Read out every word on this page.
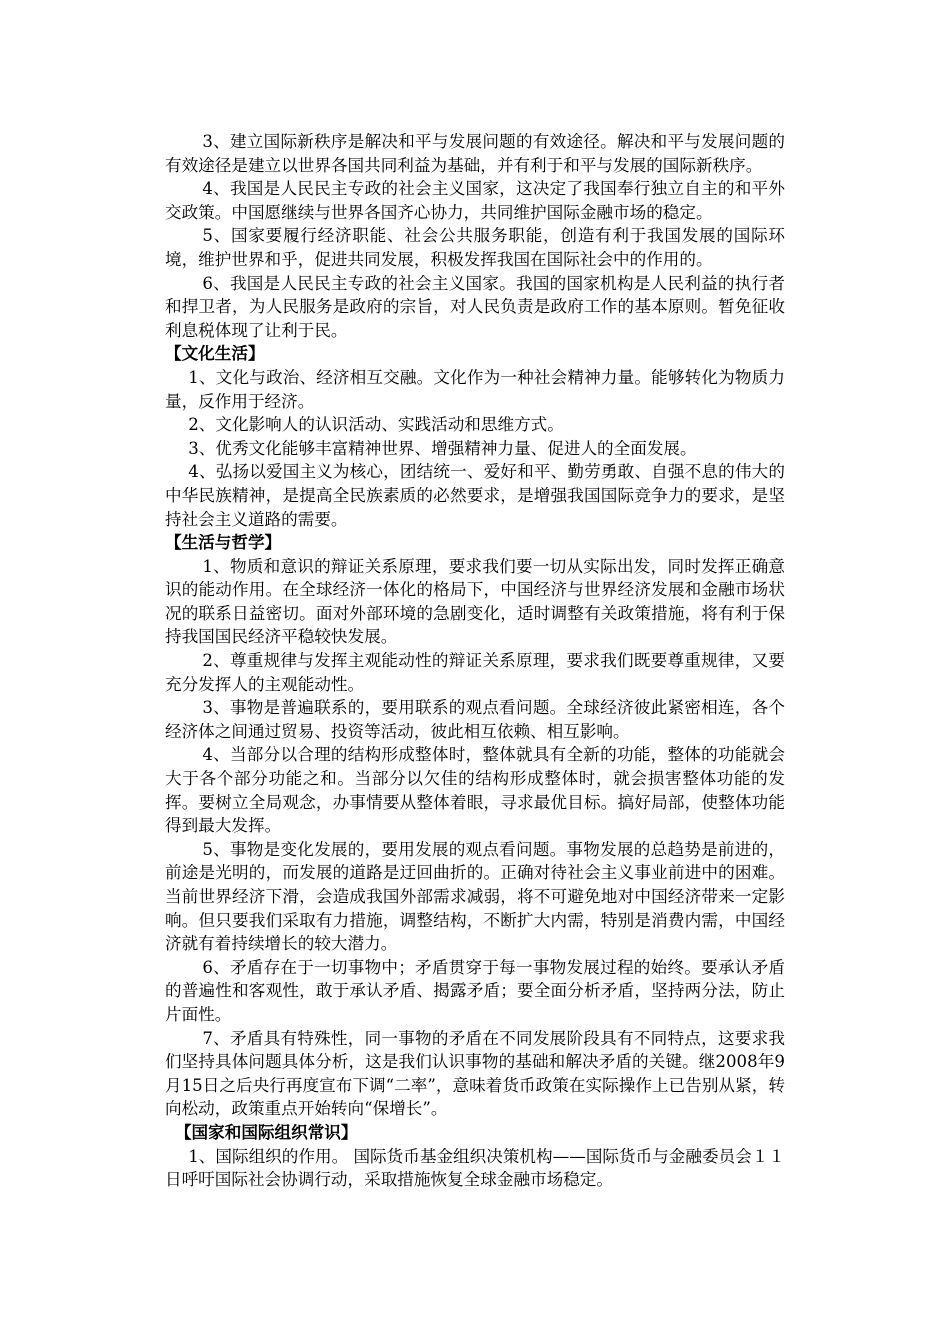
3、建立国际新秩序是解决和平与发展问题的有效途径。解决和平与发展问题的有效途径是建立以世界各国共同利益为基础，并有利于和平与发展的国际新秩序。

4、我国是人民民主专政的社会主义国家，这决定了我国奉行独立自主的和平外交政策。中国愿继续与世界各国齐心协力，共同维护国际金融市场的稳定。

5、国家要履行经济职能、社会公共服务职能，创造有利于我国发展的国际环境，维护世界和乎，促进共同发展，积极发挥我国在国际社会中的作用的。

6、我国是人民民主专政的社会主义国家。我国的国家机构是人民利益的执行者和捍卫者，为人民服务是政府的宗旨，对人民负责是政府工作的基本原则。暂免征收利息税体现了让利于民。

【文化生活】

1、文化与政治、经济相互交融。文化作为一种社会精神力量。能够转化为物质力量，反作用于经济。

2、文化影响人的认识活动、实践活动和思维方式。

3、优秀文化能够丰富精神世界、增强精神力量、促进人的全面发展。

4、弘扬以爱国主义为核心，团结统一、爱好和平、勤劳勇敢、自强不息的伟大的中华民族精神，是提高全民族素质的必然要求，是增强我国国际竞争力的要求，是坚持社会主义道路的需要。

【生活与哲学】

1、物质和意识的辩证关系原理，要求我们要一切从实际出发，同时发挥正确意识的能动作用。在全球经济一体化的格局下，中国经济与世界经济发展和金融市场状况的联系日益密切。面对外部环境的急剧变化，适时调整有关政策措施，将有利于保持我国国民经济平稳较快发展。

2、尊重规律与发挥主观能动性的辩证关系原理，要求我们既要尊重规律，又要充分发挥人的主观能动性。

3、事物是普遍联系的，要用联系的观点看问题。全球经济彼此紧密相连，各个经济体之间通过贸易、投资等活动，彼此相互依赖、相互影响。

4、当部分以合理的结构形成整体时，整体就具有全新的功能，整体的功能就会大于各个部分功能之和。当部分以欠佳的结构形成整体时，就会损害整体功能的发挥。要树立全局观念，办事情要从整体着眼，寻求最优目标。搞好局部，使整体功能得到最大发挥。

5、事物是变化发展的，要用发展的观点看问题。事物发展的总趋势是前进的，前途是光明的，而发展的道路是迂回曲折的。正确对待社会主义事业前进中的困难。当前世界经济下滑，会造成我国外部需求减弱，将不可避免地对中国经济带来一定影响。但只要我们采取有力措施，调整结构，不断扩大内需，特别是消费内需，中国经济就有着持续增长的较大潜力。

6、矛盾存在于一切事物中；矛盾贯穿于每一事物发展过程的始终。要承认矛盾的普遍性和客观性，敢于承认矛盾、揭露矛盾；要全面分析矛盾，坚持两分法，防止片面性。

7、矛盾具有特殊性，同一事物的矛盾在不同发展阶段具有不同特点，这要求我们坚持具体问题具体分析，这是我们认识事物的基础和解决矛盾的关键。继2008年9月15日之后央行再度宣布下调“二率”，意味着货币政策在实际操作上已告别从紧，转向松动，政策重点开始转向“保增长”。

【国家和国际组织常识】

1、国际组织的作用。 国际货币基金组织决策机构——国际货币与金融委员会１１日呼吁国际社会协调行动，采取措施恢复全球金融市场稳定。
